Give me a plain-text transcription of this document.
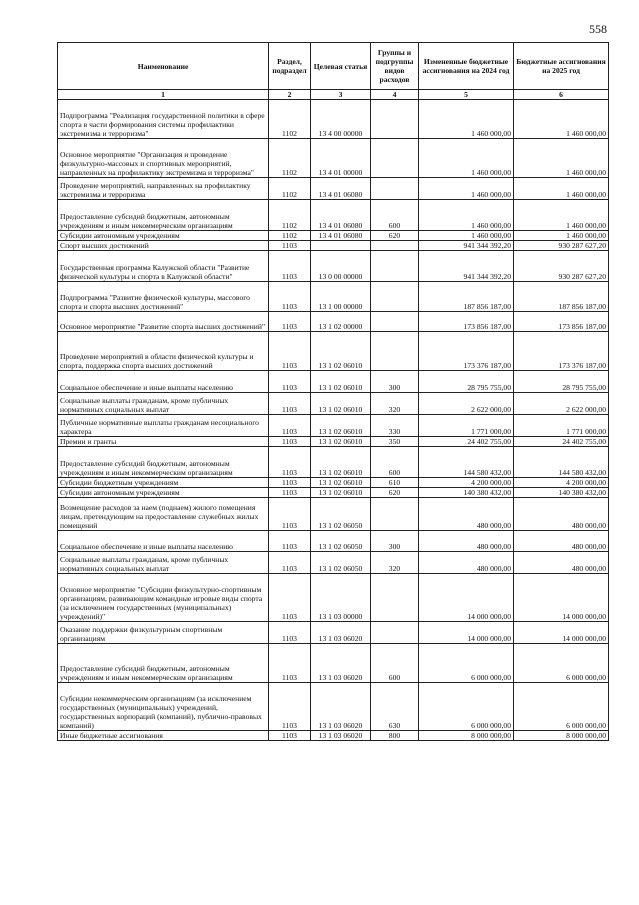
558
Наименование	Раздел, подраздел	Целевая статья	Группы и подгруппы видов расходов	Измененные бюджетные ассигнования на 2024 год	Бюджетные ассигнования на 2025 год
1	2	3	4	5	6
Подпрограмма "Реализация государственной политики в сфере спорта в части формирования системы профилактики экстремизма и терроризма"	1102	13 4 00 00000		1 460 000,00	1 460 000,00
Основное мероприятие "Организация и проведение физкультурно-массовых и спортивных мероприятий, направленных на профилактику экстремизма и терроризма"	1102	13 4 01 00000		1 460 000,00	1 460 000,00
Проведение мероприятий, направленных на профилактику экстремизма и терроризма	1102	13 4 01 06080		1 460 000,00	1 460 000,00
Предоставление субсидий бюджетным, автономным учреждениям и иным некоммерческим организациям	1102	13 4 01 06080	600	1 460 000,00	1 460 000,00
Субсидии автономным учреждениям	1102	13 4 01 06080	620	1 460 000,00	1 460 000,00
Спорт высших достижений	1103			941 344 392,20	930 287 627,20
Государственная программа Калужской области "Развитие физической культуры и спорта в Калужской области"	1103	13 0 00 00000		941 344 392,20	930 287 627,20
Подпрограмма "Развитие физической культуры, массового спорта и спорта высших достижений"	1103	13 1 00 00000		187 856 187,00	187 856 187,00
Основное мероприятие "Развитие спорта высших достижений"	1103	13 1 02 00000		173 856 187,00	173 856 187,00
Проведение мероприятий в области физической культуры и спорта, поддержка спорта высших достижений	1103	13 1 02 06010		173 376 187,00	173 376 187,00
Социальное обеспечение и иные выплаты населению	1103	13 1 02 06010	300	28 795 755,00	28 795 755,00
Социальные выплаты гражданам, кроме публичных нормативных социальных выплат	1103	13 1 02 06010	320	2 622 000,00	2 622 000,00
Публичные нормативные выплаты гражданам несоциального характера	1103	13 1 02 06010	330	1 771 000,00	1 771 000,00
Премии и гранты	1103	13 1 02 06010	350	24 402 755,00	24 402 755,00
Предоставление субсидий бюджетным, автономным учреждениям и иным некоммерческим организациям	1103	13 1 02 06010	600	144 580 432,00	144 580 432,00
Субсидии бюджетным учреждениям	1103	13 1 02 06010	610	4 200 000,00	4 200 000,00
Субсидии автономным учреждениям	1103	13 1 02 06010	620	140 380 432,00	140 380 432,00
Возмещение расходов за наем (поднаем) жилого помещения лицам, претендующим на предоставление служебных жилых помещений	1103	13 1 02 06050		480 000,00	480 000,00
Социальное обеспечение и иные выплаты населению	1103	13 1 02 06050	300	480 000,00	480 000,00
Социальные выплаты гражданам, кроме публичных нормативных социальных выплат	1103	13 1 02 06050	320	480 000,00	480 000,00
Основное мероприятие "Субсидии физкультурно-спортивным организациям, развивающим командные игровые виды спорта (за исключением государственных (муниципальных) учреждений)"	1103	13 1 03 00000		14 000 000,00	14 000 000,00
Оказание поддержки физкультурным спортивным организациям	1103	13 1 03 06020		14 000 000,00	14 000 000,00
Предоставление субсидий бюджетным, автономным учреждениям и иным некоммерческим организациям	1103	13 1 03 06020	600	6 000 000,00	6 000 000,00
Субсидии некоммерческим организациям (за исключением государственных (муниципальных) учреждений, государственных корпораций (компаний), публично-правовых компаний)	1103	13 1 03 06020	630	6 000 000,00	6 000 000,00
Иные бюджетные ассигнования	1103	13 1 03 06020	800	8 000 000,00	8 000 000,00
